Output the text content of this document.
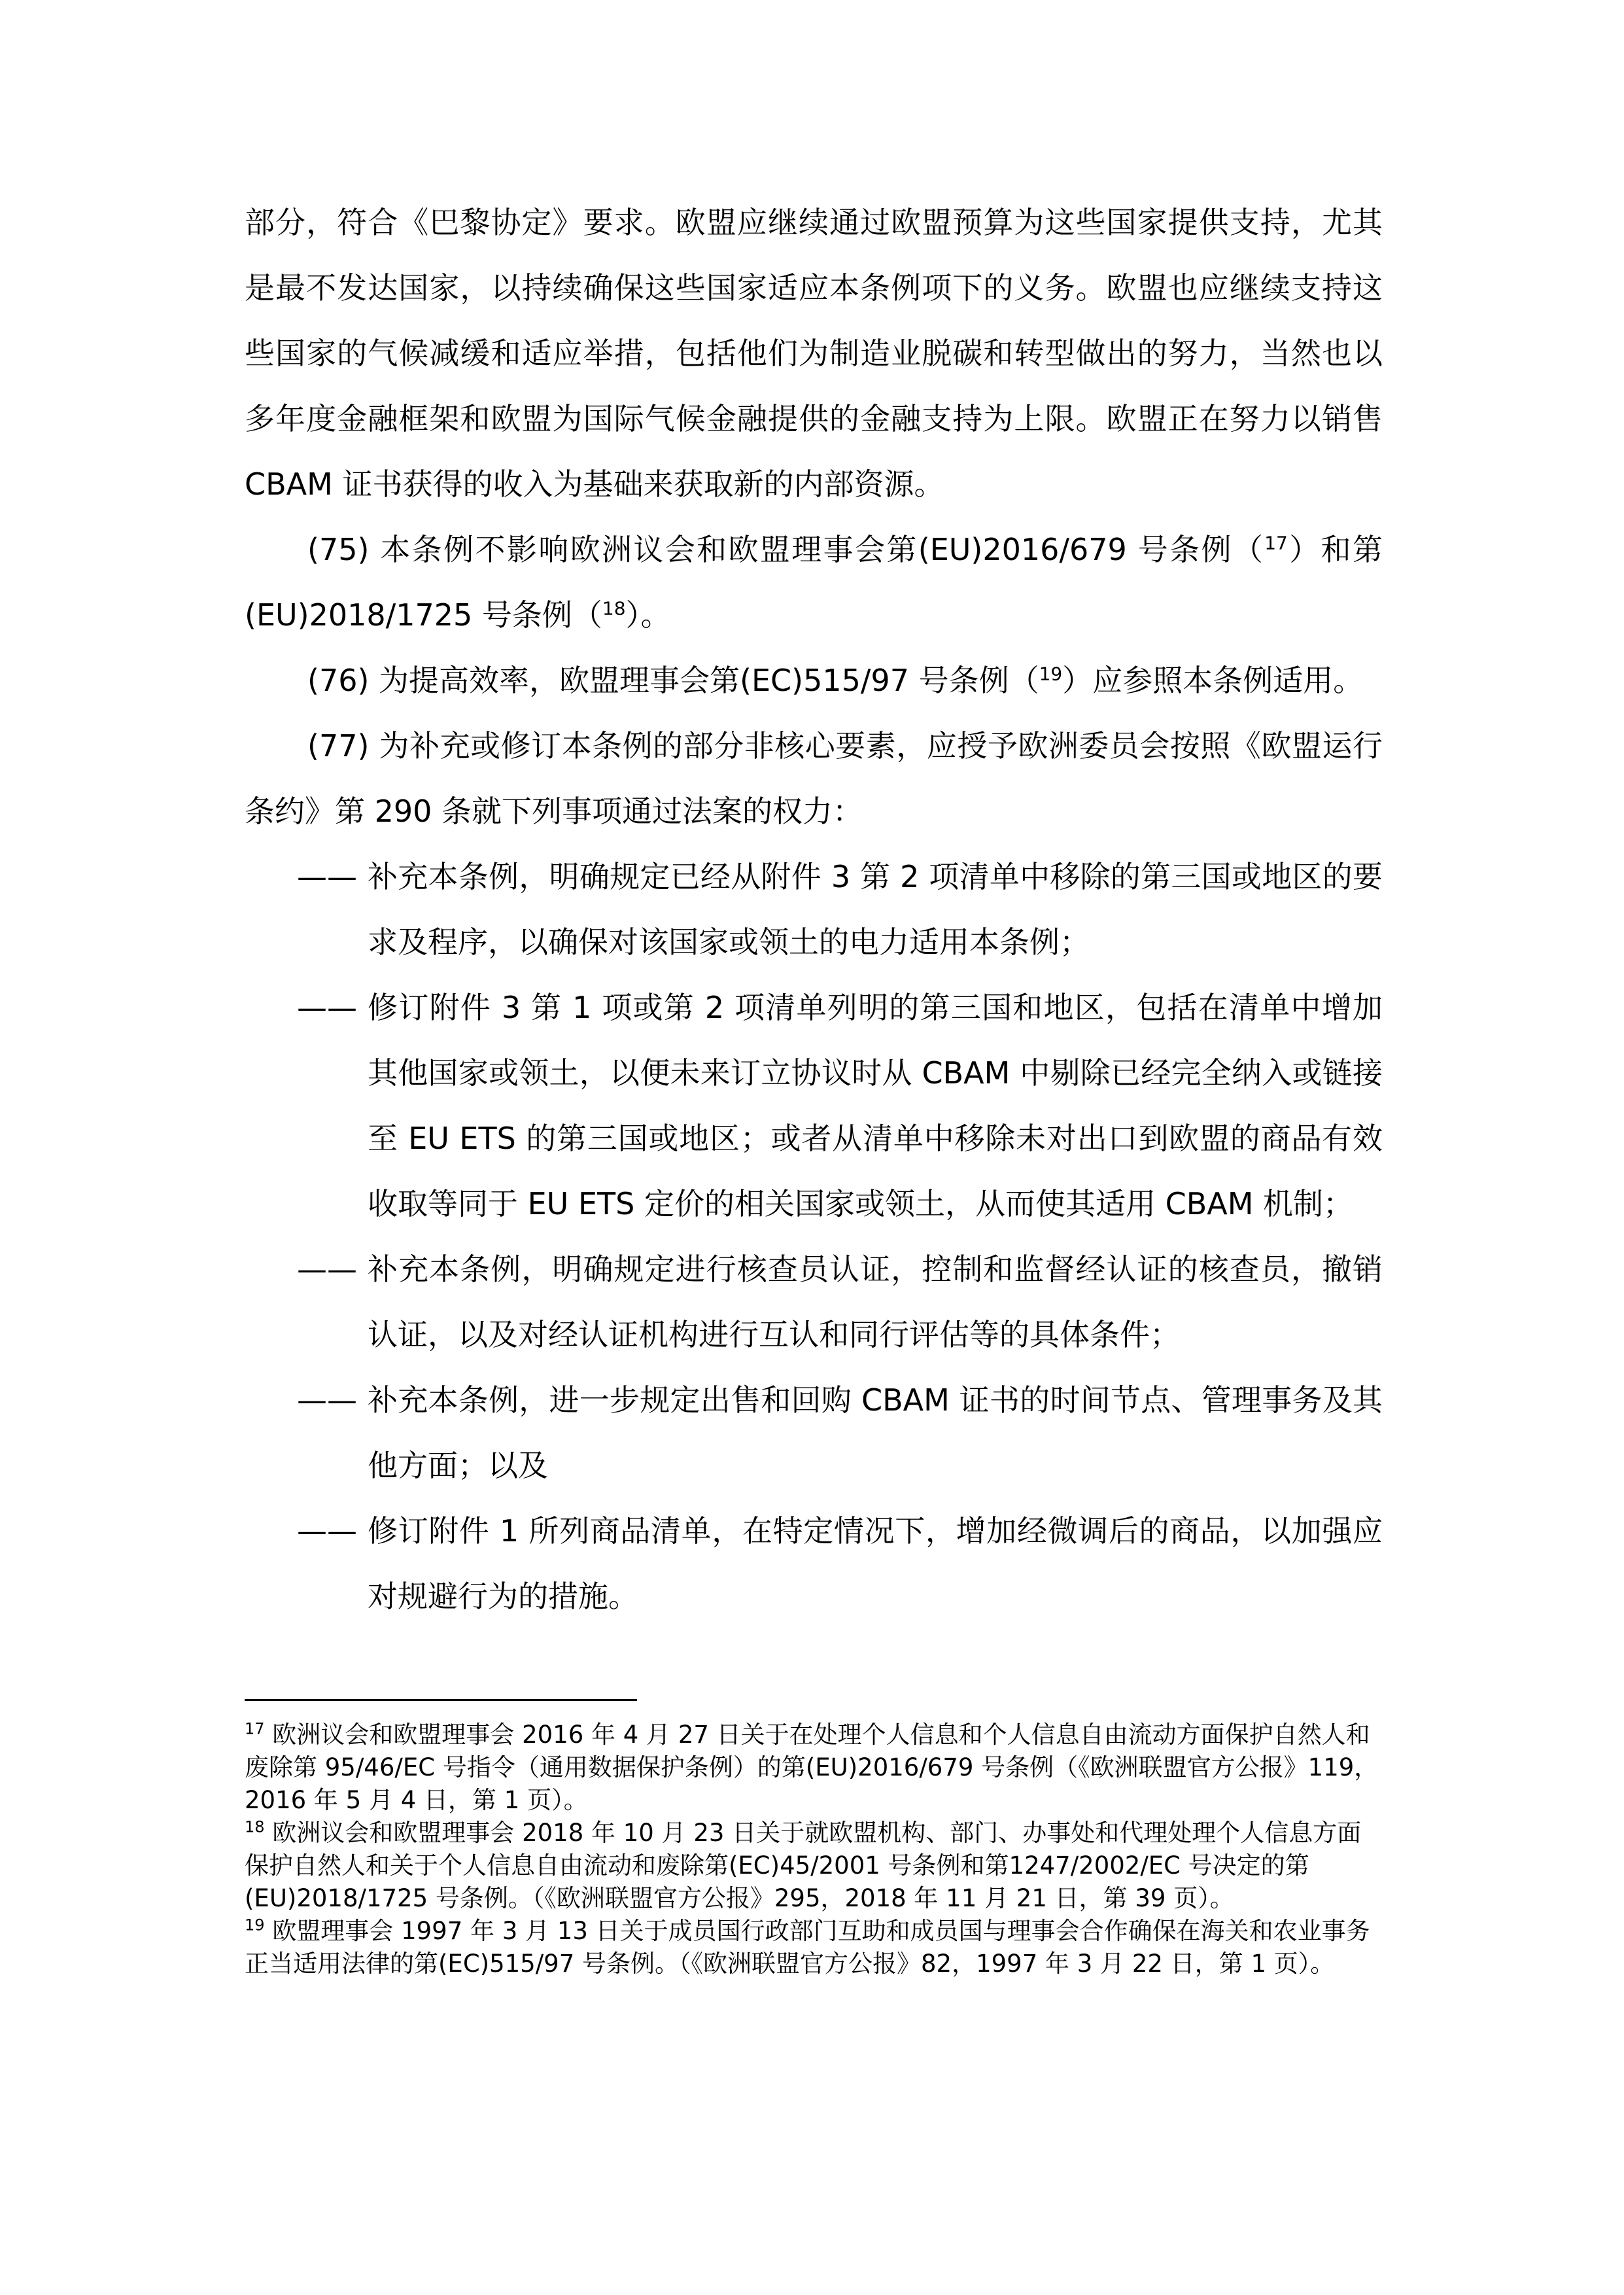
部分，符合《巴黎协定》要求。欧盟应继续通过欧盟预算为这些国家提供支持，尤其是最不发达国家，以持续确保这些国家适应本条例项下的义务。欧盟也应继续支持这些国家的气候减缓和适应举措，包括他们为制造业脱碳和转型做出的努力，当然也以多年度金融框架和欧盟为国际气候金融提供的金融支持为上限。欧盟正在努力以销售 CBAM 证书获得的收入为基础来获取新的内部资源。

(75) 本条例不影响欧洲议会和欧盟理事会第(EU)2016/679 号条例（$^{17}$）和第(EU)2018/1725 号条例（$^{18}$）。

(76) 为提高效率，欧盟理事会第(EC)515/97 号条例（$^{19}$）应参照本条例适用。

(77) 为补充或修订本条例的部分非核心要素，应授予欧洲委员会按照《欧盟运行条约》第 290 条就下列事项通过法案的权力：

—— 补充本条例，明确规定已经从附件 3 第 2 项清单中移除的第三国或地区的要求及程序，以确保对该国家或领土的电力适用本条例；
—— 修订附件 3 第 1 项或第 2 项清单列明的第三国和地区，包括在清单中增加其他国家或领土，以便未来订立协议时从 CBAM 中剔除已经完全纳入或链接至 EU ETS 的第三国或地区；或者从清单中移除未对出口到欧盟的商品有效收取等同于 EU ETS 定价的相关国家或领土，从而使其适用 CBAM 机制；
—— 补充本条例，明确规定进行核查员认证，控制和监督经认证的核查员，撤销认证，以及对经认证机构进行互认和同行评估等的具体条件；
—— 补充本条例，进一步规定出售和回购 CBAM 证书的时间节点、管理事务及其他方面；以及
—— 修订附件 1 所列商品清单，在特定情况下，增加经微调后的商品，以加强应对规避行为的措施。

$^{17}$ 欧洲议会和欧盟理事会 2016 年 4 月 27 日关于在处理个人信息和个人信息自由流动方面保护自然人和废除第 95/46/EC 号指令（通用数据保护条例）的第(EU)2016/679 号条例（《欧洲联盟官方公报》119，2016 年 5 月 4 日，第 1 页）。

$^{18}$ 欧洲议会和欧盟理事会 2018 年 10 月 23 日关于就欧盟机构、部门、办事处和代理处理个人信息方面保护自然人和关于个人信息自由流动和废除第(EC)45/2001 号条例和第1247/2002/EC 号决定的第(EU)2018/1725 号条例。（《欧洲联盟官方公报》295，2018 年 11 月 21 日，第 39 页）。

$^{19}$ 欧盟理事会 1997 年 3 月 13 日关于成员国行政部门互助和成员国与理事会合作确保在海关和农业事务正当适用法律的第(EC)515/97 号条例。（《欧洲联盟官方公报》82，1997 年 3 月 22 日，第 1 页）。
